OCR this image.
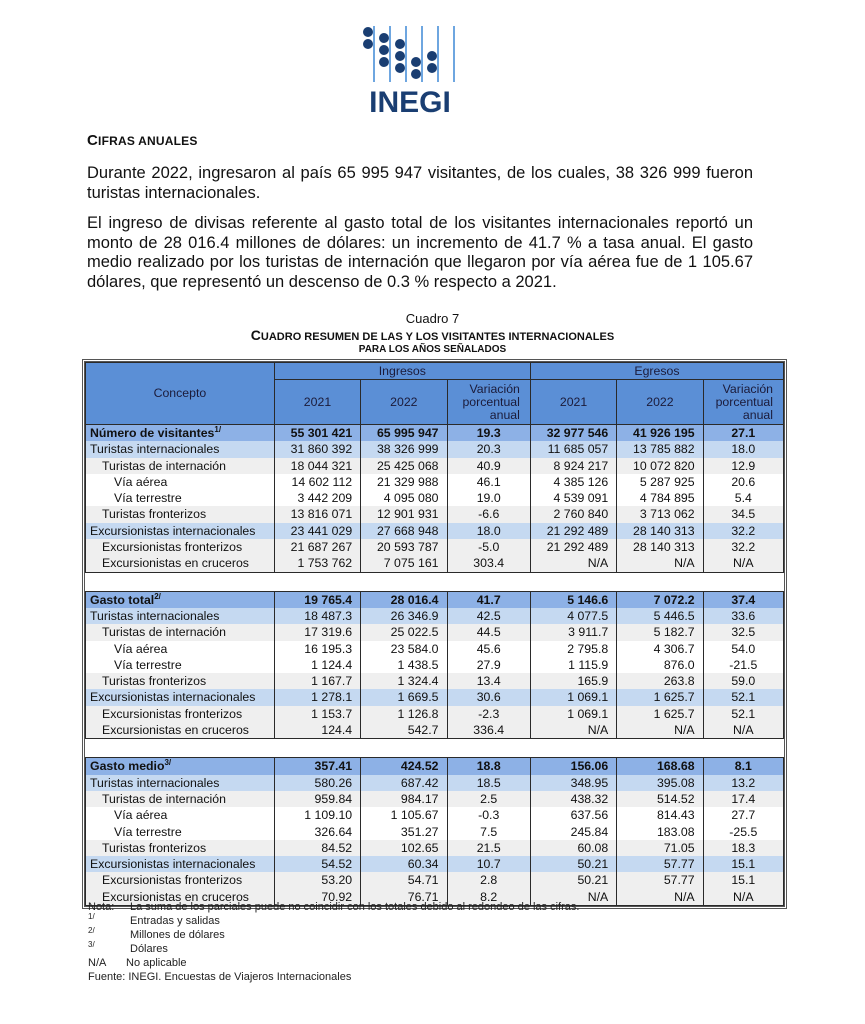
INEGI
CIFRAS ANUALES
Durante 2022, ingresaron al país 65 995 947 visitantes, de los cuales, 38 326 999 fueron turistas internacionales.
El ingreso de divisas referente al gasto total de los visitantes internacionales reportó un monto de 28 016.4 millones de dólares: un incremento de 41.7 % a tasa anual. El gasto medio realizado por los turistas de internación que llegaron por vía aérea fue de 1 105.67 dólares, que representó un descenso de 0.3 % respecto a 2021.
Cuadro 7
CUADRO RESUMEN DE LAS Y LOS VISITANTES INTERNACIONALES
PARA LOS AÑOS SEÑALADOS
Concepto	Ingresos			Egresos		
	2021	2022	Variación porcentual anual	2021	2022	Variación porcentual anual
Número de visitantes$^{1/}$	55 301 421	65 995 947	19.3	32 977 546	41 926 195	27.1
Turistas internacionales	31 860 392	38 326 999	20.3	11 685 057	13 785 882	18.0
Turistas de internación	18 044 321	25 425 068	40.9	8 924 217	10 072 820	12.9
Vía aérea	14 602 112	21 329 988	46.1	4 385 126	5 287 925	20.6
Vía terrestre	3 442 209	4 095 080	19.0	4 539 091	4 784 895	5.4
Turistas fronterizos	13 816 071	12 901 931	-6.6	2 760 840	3 713 062	34.5
Excursionistas internacionales	23 441 029	27 668 948	18.0	21 292 489	28 140 313	32.2
Excursionistas fronterizos	21 687 267	20 593 787	-5.0	21 292 489	28 140 313	32.2
Excursionistas en cruceros	1 753 762	7 075 161	303.4	N/A	N/A	N/A

Gasto total$^{2/}$	19 765.4	28 016.4	41.7	5 146.6	7 072.2	37.4
Turistas internacionales	18 487.3	26 346.9	42.5	4 077.5	5 446.5	33.6
Turistas de internación	17 319.6	25 022.5	44.5	3 911.7	5 182.7	32.5
Vía aérea	16 195.3	23 584.0	45.6	2 795.8	4 306.7	54.0
Vía terrestre	1 124.4	1 438.5	27.9	1 115.9	876.0	-21.5
Turistas fronterizos	1 167.7	1 324.4	13.4	165.9	263.8	59.0
Excursionistas internacionales	1 278.1	1 669.5	30.6	1 069.1	1 625.7	52.1
Excursionistas fronterizos	1 153.7	1 126.8	-2.3	1 069.1	1 625.7	52.1
Excursionistas en cruceros	124.4	542.7	336.4	N/A	N/A	N/A

Gasto medio$^{3/}$	357.41	424.52	18.8	156.06	168.68	8.1
Turistas internacionales	580.26	687.42	18.5	348.95	395.08	13.2
Turistas de internación	959.84	984.17	2.5	438.32	514.52	17.4
Vía aérea	1 109.10	1 105.67	-0.3	637.56	814.43	27.7
Vía terrestre	326.64	351.27	7.5	245.84	183.08	-25.5
Turistas fronterizos	84.52	102.65	21.5	60.08	71.05	18.3
Excursionistas internacionales	54.52	60.34	10.7	50.21	57.77	15.1
Excursionistas fronterizos	53.20	54.71	2.8	50.21	57.77	15.1
Excursionistas en cruceros	70.92	76.71	8.2	N/A	N/A	N/A
Nota:	La suma de los parciales puede no coincidir con los totales debido al redondeo de las cifras.
$^{1/}$	Entradas y salidas
$^{2/}$	Millones de dólares
$^{3/}$	Dólares
N/A	No aplicable
Fuente: INEGI. Encuestas de Viajeros Internacionales
